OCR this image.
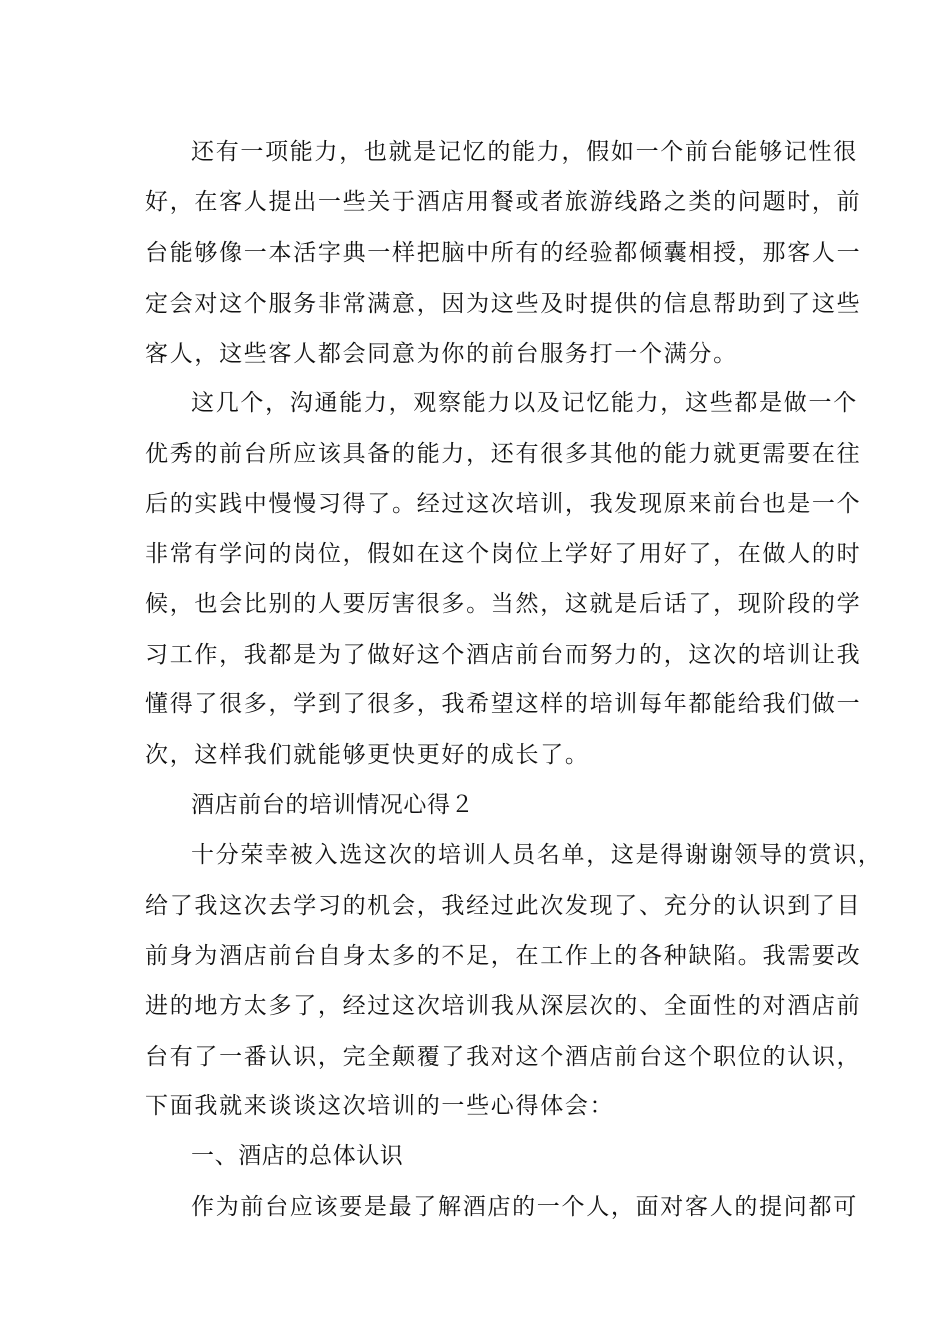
还有一项能力，也就是记忆的能力，假如一个前台能够记性很
好，在客人提出一些关于酒店用餐或者旅游线路之类的问题时，前
台能够像一本活字典一样把脑中所有的经验都倾囊相授，那客人一
定会对这个服务非常满意，因为这些及时提供的信息帮助到了这些
客人，这些客人都会同意为你的前台服务打一个满分。
这几个，沟通能力，观察能力以及记忆能力，这些都是做一个
优秀的前台所应该具备的能力，还有很多其他的能力就更需要在往
后的实践中慢慢习得了。经过这次培训，我发现原来前台也是一个
非常有学问的岗位，假如在这个岗位上学好了用好了，在做人的时
候，也会比别的人要厉害很多。当然，这就是后话了，现阶段的学
习工作，我都是为了做好这个酒店前台而努力的，这次的培训让我
懂得了很多，学到了很多，我希望这样的培训每年都能给我们做一
次，这样我们就能够更快更好的成长了。
酒店前台的培训情况心得２
十分荣幸被入选这次的培训人员名单，这是得谢谢领导的赏识，
给了我这次去学习的机会，我经过此次发现了、充分的认识到了目
前身为酒店前台自身太多的不足，在工作上的各种缺陷。我需要改
进的地方太多了，经过这次培训我从深层次的、全面性的对酒店前
台有了一番认识，完全颠覆了我对这个酒店前台这个职位的认识，
下面我就来谈谈这次培训的一些心得体会：
一、酒店的总体认识
作为前台应该要是最了解酒店的一个人，面对客人的提问都可
